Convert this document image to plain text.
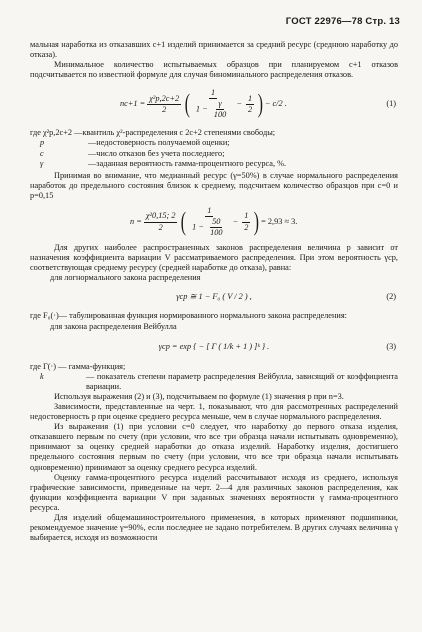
ГОСТ 22976—78 Стр. 13

мальная наработка из отказавших c+1 изделий принимается за средний ресурс (среднюю наработку до отказа).

Минимальное количество испытываемых образцов при планируемом c+1 отказов подсчитывается по известной формуле для случая биноминального распределения отказов.

$nc+1 = \frac{\text{χ²p,2c+2}}{2}$ ( $\frac{1}{1 - \frac{\gamma}{100}} - \frac{1}{2}$ ) − c/2 .	(1)

где χ²p,2c+2 —квантиль χ²-распределения с 2c+2 степенями свободы;

p	—недостоверность получаемой оценки;
c	—число отказов без учета последнего;
γ	—заданная вероятность гамма-процентного ресурса, %.

Принимая во внимание, что медианный ресурс (γ=50%) в случае нормального распределения наработок до предельного состояния близок к среднему, подсчитаем количество образцов при c=0 и p=0,15

$n = \frac{\text{χ²0,15; 2}}{2}$ ( $\frac{1}{1 - \frac{50}{100}} - \frac{1}{2}$ ) = 2,93 ≈ 3.

Для других наиболее распространенных законов распределения величина p зависит от назначения коэффициента вариации V рассматриваемого распределения. При этом вероятность γср, соответствующая среднему ресурсу (средней наработке до отказа), равна:

для логнормального закона распределения

γср ≅ 1 − F₀ ( V / 2 ) ,	(2)

где F₀(·)— табулированная функция нормированного нормального закона распределения:

для закона распределения Вейбулла

γср = exp { − [ Γ ( 1/k + 1 ) ]ᵏ } .	(3)

где Γ(·) — гамма-функция;

k	— показатель степени параметр распределения Вейбулла, зависящий от коэффициента вариации.

Используя выражения (2) и (3), подсчитываем по формуле (1) значения p при n=3.

Зависимости, представленные на черт. 1, показывают, что для рассмотренных распределений недостоверность p при оценке среднего ресурса меньше, чем в случае нормального распределения.

Из выражения (1) при условии c=0 следует, что наработку до первого отказа изделия, отказавшего первым по счету (при условии, что все три образца начали испытывать одновременно), принимают за оценку средней наработки до отказа изделий. Наработку изделия, достигшего предельного состояния первым по счету (при условии, что все три образца начали испытывать одновременно) принимают за оценку среднего ресурса изделий.

Оценку гамма-процентного ресурса изделий рассчитывают исходя из среднего, используя графические зависимости, приведенные на черт. 2—4 для различных законов распределения, как функции коэффициента вариации V при заданных значениях вероятности γ гамма-процентного ресурса.

Для изделий общемашиностроительного применения, в которых применяют подшипники, рекомендуемое значение γ=90%, если последнее не задано потребителем. В других случаях величина γ выбирается, исходя из возможности
